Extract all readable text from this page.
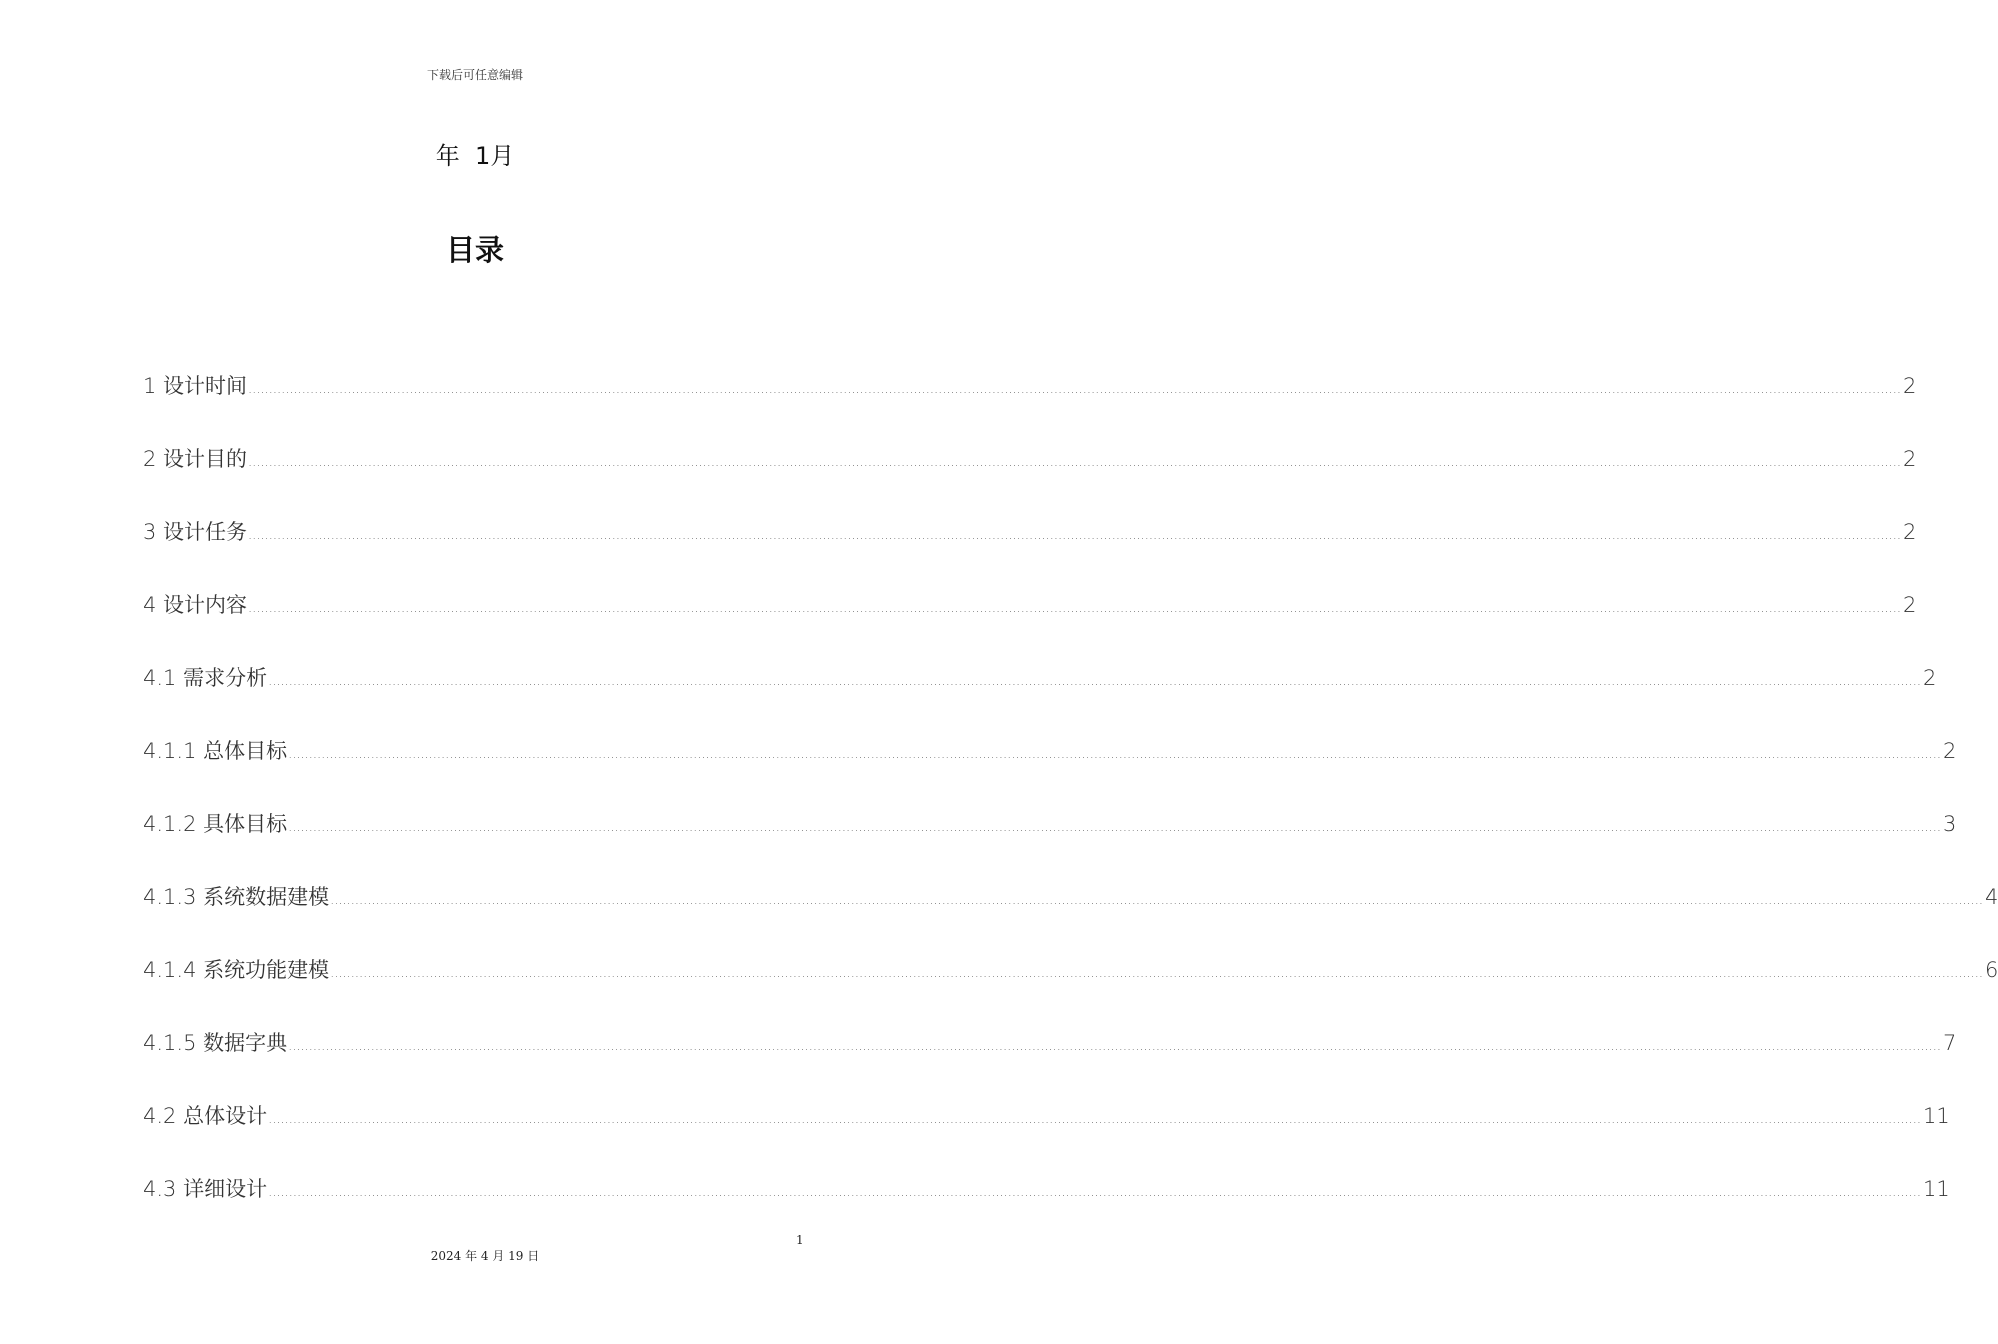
下载后可任意编辑
年  1月
目录
1 设计时间 ................................................................................................................................................................................................................................................................................................................................................................................................................ 2
2 设计目的 ................................................................................................................................................................................................................................................................................................................................................................................................................ 2
3 设计任务 ................................................................................................................................................................................................................................................................................................................................................................................................................ 2
4 设计内容 ................................................................................................................................................................................................................................................................................................................................................................................................................ 2
4.1 需求分析 ................................................................................................................................................................................................................................................................................................................................................................................................................ 2
4.1.1 总体目标 ................................................................................................................................................................................................................................................................................................................................................................................................................ 2
4.1.2 具体目标 ................................................................................................................................................................................................................................................................................................................................................................................................................ 3
4.1.3 系统数据建模 ................................................................................................................................................................................................................................................................................................................................................................................................................ 4
4.1.4 系统功能建模 ................................................................................................................................................................................................................................................................................................................................................................................................................ 6
4.1.5 数据字典 ................................................................................................................................................................................................................................................................................................................................................................................................................ 7
4.2 总体设计 ................................................................................................................................................................................................................................................................................................................................................................................................................ 11
4.3 详细设计 ................................................................................................................................................................................................................................................................................................................................................................................................................ 11
1
2024 年 4 月 19 日
